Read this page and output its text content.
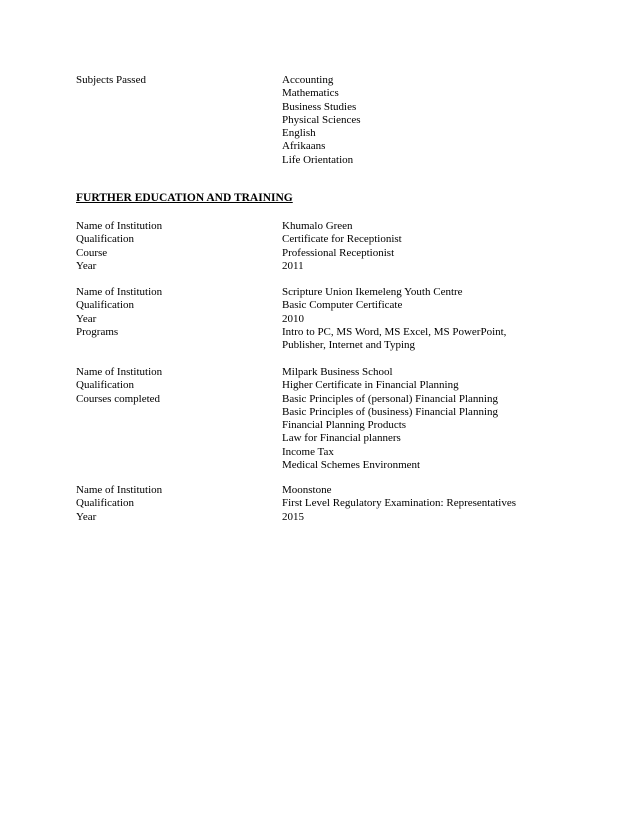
Subjects Passed	Accounting
Mathematics
Business Studies
Physical Sciences
English
Afrikaans
Life Orientation
FURTHER EDUCATION AND TRAINING
Name of Institution	Khumalo Green
Qualification	Certificate for Receptionist
Course	Professional Receptionist
Year	2011
Name of Institution	Scripture Union Ikemeleng Youth Centre
Qualification	Basic Computer Certificate
Year	2010
Programs	Intro to PC, MS Word, MS Excel, MS PowerPoint,
Publisher, Internet and Typing
Name of Institution	Milpark Business School
Qualification	Higher Certificate in Financial Planning
Courses completed	Basic Principles of (personal) Financial Planning
Basic Principles of (business) Financial Planning
Financial Planning Products
Law for Financial planners
Income Tax
Medical Schemes Environment
Name of Institution	Moonstone
Qualification	First Level Regulatory Examination: Representatives
Year	2015
